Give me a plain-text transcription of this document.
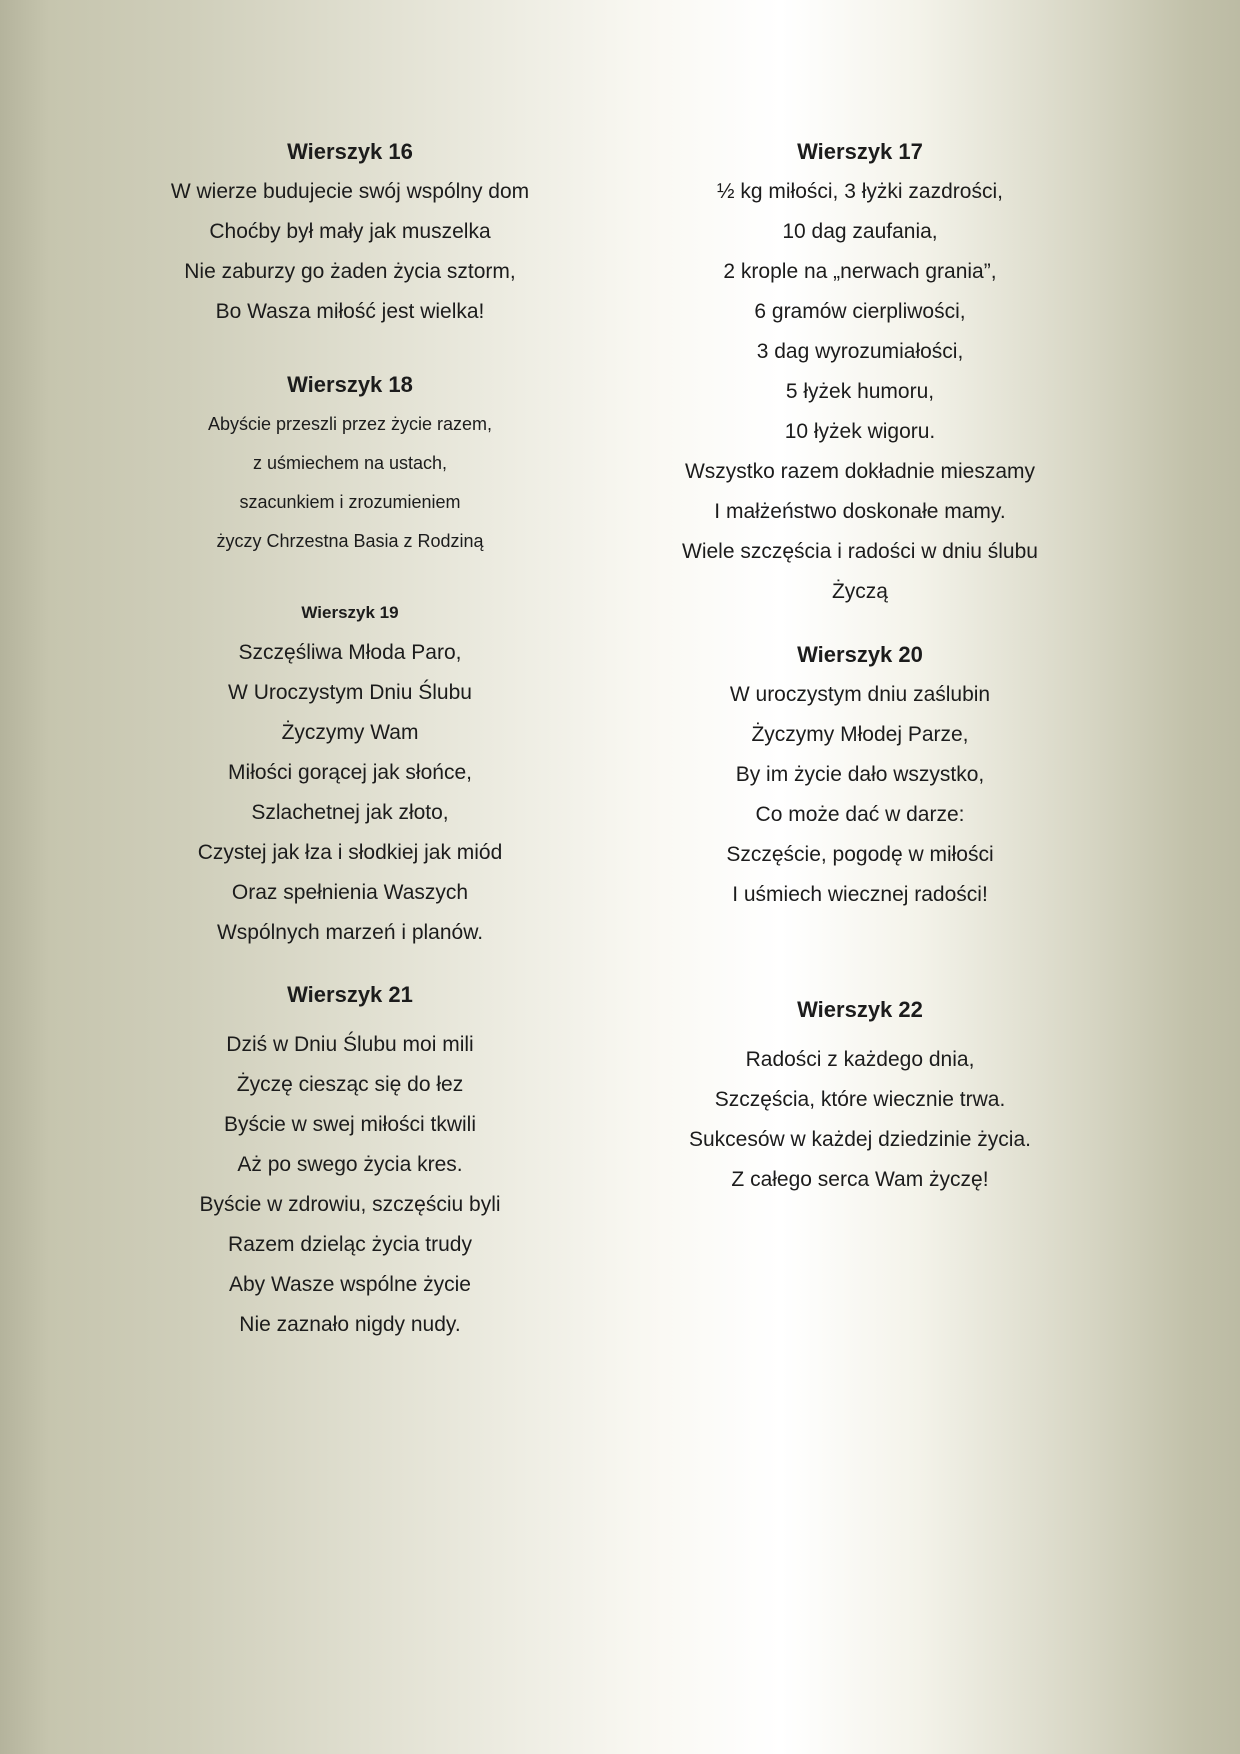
Wierszyk 16
W wierze budujecie swój wspólny dom
Choćby był mały jak muszelka
Nie zaburzy go żaden życia sztorm,
Bo Wasza miłość jest wielka!
Wierszyk 18
Abyście przeszli przez życie razem,
z uśmiechem na ustach,
szacunkiem i zrozumieniem
życzy Chrzestna Basia z Rodziną
Wierszyk 19
Szczęśliwa Młoda Paro,
W Uroczystym Dniu Ślubu
Życzymy Wam
Miłości gorącej jak słońce,
Szlachetnej jak złoto,
Czystej jak łza i słodkiej jak miód
Oraz spełnienia Waszych
Wspólnych marzeń i planów.
Wierszyk 21
Dziś w Dniu Ślubu moi mili
Życzę ciesząc się do łez
Byście w swej miłości tkwili
Aż po swego życia kres.
Byście w zdrowiu, szczęściu byli
Razem dzieląc życia trudy
Aby Wasze wspólne życie
Nie zaznało nigdy nudy.
Wierszyk 17
½ kg miłości, 3 łyżki zazdrości,
10 dag zaufania,
2 krople na „nerwach grania”,
6 gramów cierpliwości,
3 dag wyrozumiałości,
5 łyżek humoru,
10 łyżek wigoru.
Wszystko razem dokładnie mieszamy
I małżeństwo doskonałe mamy.
Wiele szczęścia i radości w dniu ślubu
Życzą
Wierszyk 20
W uroczystym dniu zaślubin
Życzymy Młodej Parze,
By im życie dało wszystko,
Co może dać w darze:
Szczęście, pogodę w miłości
I uśmiech wiecznej radości!
Wierszyk 22
Radości z każdego dnia,
Szczęścia, które wiecznie trwa.
Sukcesów w każdej dziedzinie życia.
Z całego serca Wam życzę!
